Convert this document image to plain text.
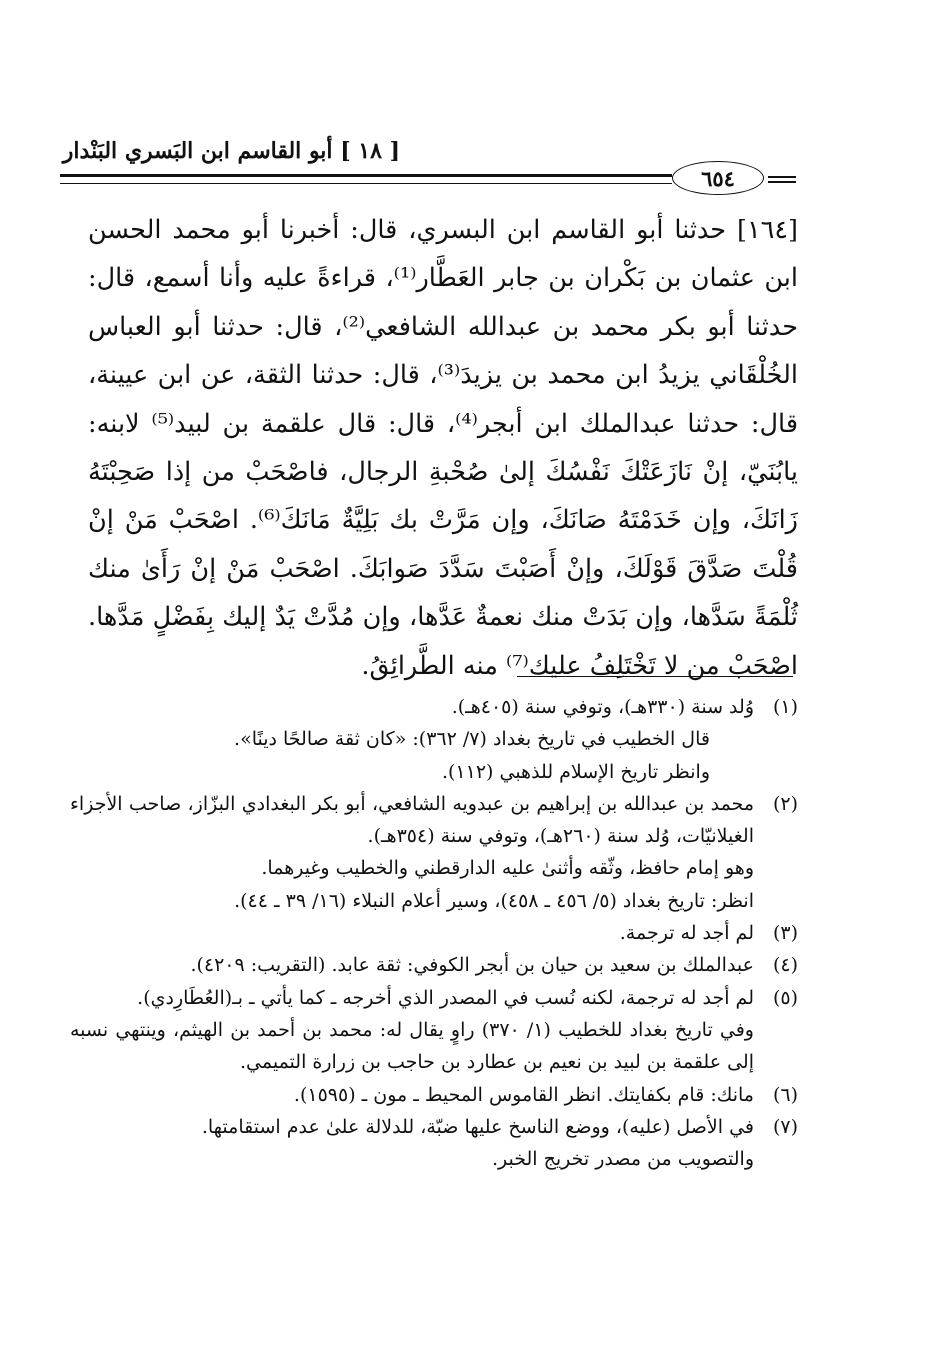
[ ١٨ ] أبو القاسم ابن البَسري البَنْدار
٦٥٤

[١٦٤] حدثنا أبو القاسم ابن البسري، قال: أخبرنا أبو محمد الحسن ابن عثمان بن بَكْران بن جابر العَطَّار⁽¹⁾، قراءةً عليه وأنا أسمع، قال: حدثنا أبو بكر محمد بن عبدالله الشافعي⁽²⁾، قال: حدثنا أبو العباس الخُلْقَاني يزيدُ ابن محمد بن يزيدَ⁽³⁾، قال: حدثنا الثقة، عن ابن عيينة، قال: حدثنا عبدالملك ابن أبجر⁽⁴⁾، قال: قال علقمة بن لبيد⁽⁵⁾ لابنه: يابُنَيّ، إنْ نَازَعَتْكَ نَفْسُكَ إلىٰ صُحْبةِ الرجال، فاصْحَبْ من إذا صَحِبْتَهُ زَانَكَ، وإن خَدَمْتَهُ صَانَكَ، وإن مَرَّتْ بك بَلِيَّةٌ مَانَكَ⁽⁶⁾. اصْحَبْ مَنْ إنْ قُلْتَ صَدَّقَ قَوْلَكَ، وإنْ أَصَبْتَ سَدَّدَ صَوابَكَ. اصْحَبْ مَنْ إنْ رَأَىٰ منك ثُلْمَةً سَدَّها، وإن بَدَتْ منك نعمةٌ عَدَّها، وإن مُدَّتْ يَدٌ إليك بِفَضْلٍ مَدَّها. اصْحَبْ من لا تَخْتَلِفُ عليك⁽⁷⁾ منه الطَّرائِقُ.

(١)
وُلد سنة (٣٣٠هـ)، وتوفي سنة (٤٠٥هـ).
قال الخطيب في تاريخ بغداد (٧/ ٣٦٢): «كان ثقة صالحًا دينًا».
وانظر تاريخ الإسلام للذهبي (١١٢).
(٢)
محمد بن عبدالله بن إبراهيم بن عبدويه الشافعي، أبو بكر البغدادي البزّاز، صاحب الأجزاء الغيلانيّات، وُلد سنة (٢٦٠هـ)، وتوفي سنة (٣٥٤هـ).
وهو إمام حافظ، وثّقه وأثنىٰ عليه الدارقطني والخطيب وغيرهما.
انظر: تاريخ بغداد (٥/ ٤٥٦ ـ ٤٥٨)، وسير أعلام النبلاء (١٦/ ٣٩ ـ ٤٤).
(٣)
لم أجد له ترجمة.
(٤)
عبدالملك بن سعيد بن حيان بن أبجر الكوفي: ثقة عابد. (التقريب: ٤٢٠٩).
(٥)
لم أجد له ترجمة، لكنه نُسب في المصدر الذي أخرجه ـ كما يأتي ـ بـ(العُطَارِدي).
وفي تاريخ بغداد للخطيب (١/ ٣٧٠) راوٍ يقال له: محمد بن أحمد بن الهيثم، وينتهي نسبه إلى علقمة بن لبيد بن نعيم بن عطارد بن حاجب بن زرارة التميمي.
(٦)
مانك: قام بكفايتك. انظر القاموس المحيط ـ مون ـ (١٥٩٥).
(٧)
في الأصل (عليه)، ووضع الناسخ عليها ضبّة، للدلالة علىٰ عدم استقامتها.
والتصويب من مصدر تخريج الخبر.
